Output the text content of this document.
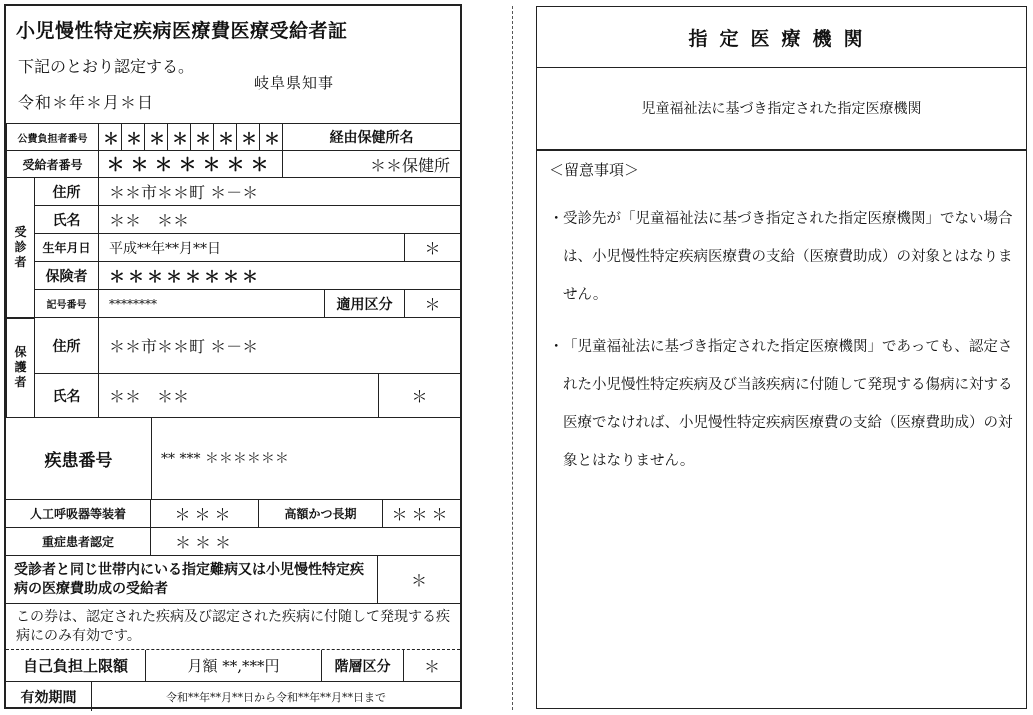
小児慢性特定疾病医療費医療受給者証
下記のとおり認定する。
令和＊年＊月＊日
岐阜県知事
公費負担者番号	＊	＊	＊	＊	＊	＊	＊	＊	経由保健所名
受給者番号	＊＊＊＊＊＊＊								＊＊保健所
受診者	住所	＊＊市＊＊町 ＊－＊		
	氏名	＊＊　＊＊		
	生年月日	平成**年**月**日		＊
	保険者	＊＊＊＊＊＊＊＊		
	記号番号	********	適用区分	＊

保護者	住所	＊＊市＊＊町 ＊－＊	
	氏名	＊＊　＊＊	＊
疾患番号	** *** ＊＊＊＊＊＊
人工呼吸器等装着	＊＊＊	高額かつ長期	＊＊＊
重症患者認定	＊＊＊
受診者と同じ世帯内にいる指定難病又は小児慢性特定疾病の医療費助成の受給者	＊
この券は、認定された疾病及び認定された疾病に付随して発現する疾病にのみ有効です。
自己負担上限額	月額 **,***円	階層区分	＊
有効期間	令和**年**月**日から令和**年**月**日まで
指定医療機関
児童福祉法に基づき指定された指定医療機関
＜留意事項＞
・ 受診先が「児童福祉法に基づき指定された指定医療機関」でない場合は、小児慢性特定疾病医療費の支給（医療費助成）の対象とはなりません。
・ 「児童福祉法に基づき指定された指定医療機関」であっても、認定された小児慢性特定疾病及び当該疾病に付随して発現する傷病に対する医療でなければ、小児慢性特定疾病医療費の支給（医療費助成）の対象とはなりません。
